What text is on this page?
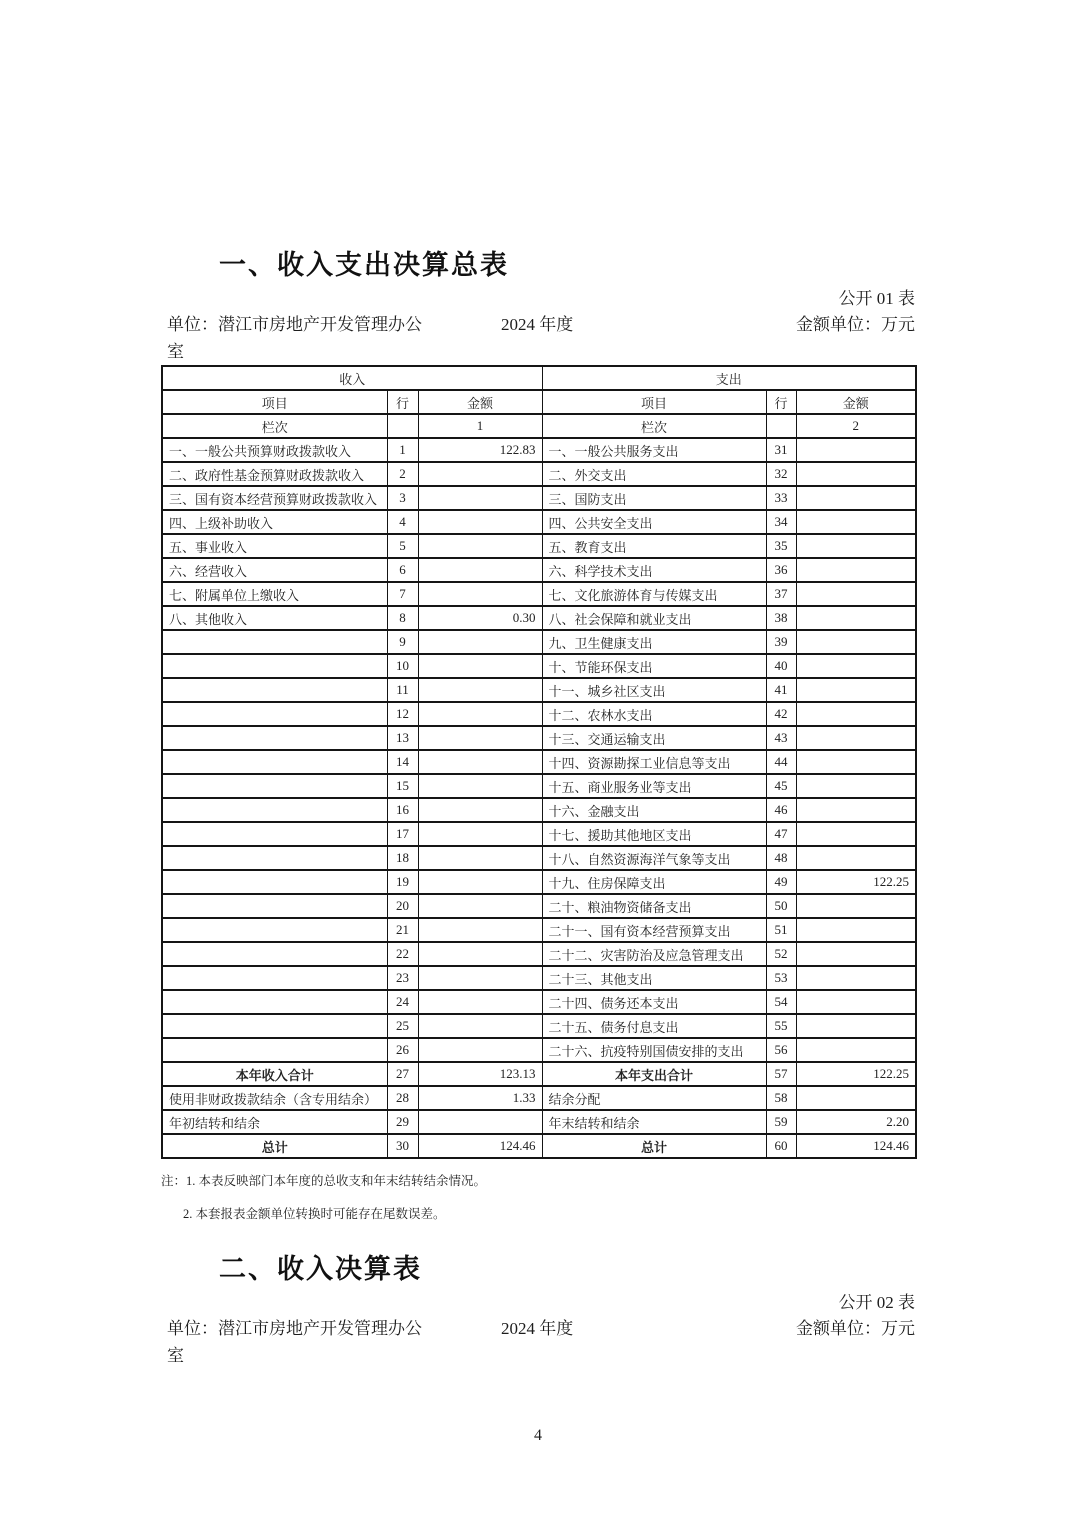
一、收入支出决算总表
公开 01 表
单位：潜江市房地产开发管理办公
室
2024 年度	金额单位：万元
收入			支出		
项目	行	金额	项目	行	金额
栏次		1	栏次		2
一、一般公共预算财政拨款收入	1	122.83	一、一般公共服务支出	31	
二、政府性基金预算财政拨款收入	2		二、外交支出	32	
三、国有资本经营预算财政拨款收入	3		三、国防支出	33	
四、上级补助收入	4		四、公共安全支出	34	
五、事业收入	5		五、教育支出	35	
六、经营收入	6		六、科学技术支出	36	
七、附属单位上缴收入	7		七、文化旅游体育与传媒支出	37	
八、其他收入	8	0.30	八、社会保障和就业支出	38	
	9		九、卫生健康支出	39	
	10		十、节能环保支出	40	
	11		十一、城乡社区支出	41	
	12		十二、农林水支出	42	
	13		十三、交通运输支出	43	
	14		十四、资源勘探工业信息等支出	44	
	15		十五、商业服务业等支出	45	
	16		十六、金融支出	46	
	17		十七、援助其他地区支出	47	
	18		十八、自然资源海洋气象等支出	48	
	19		十九、住房保障支出	49	122.25
	20		二十、粮油物资储备支出	50	
	21		二十一、国有资本经营预算支出	51	
	22		二十二、灾害防治及应急管理支出	52	
	23		二十三、其他支出	53	
	24		二十四、债务还本支出	54	
	25		二十五、债务付息支出	55	
	26		二十六、抗疫特别国债安排的支出	56	
本年收入合计	27	123.13	本年支出合计	57	122.25
使用非财政拨款结余（含专用结余）	28	1.33	结余分配	58	
年初结转和结余	29		年末结转和结余	59	2.20
总计	30	124.46	总计	60	124.46
注：1. 本表反映部门本年度的总收支和年末结转结余情况。
2. 本套报表金额单位转换时可能存在尾数误差。
二、收入决算表
公开 02 表
单位：潜江市房地产开发管理办公
室
2024 年度	金额单位：万元
4
